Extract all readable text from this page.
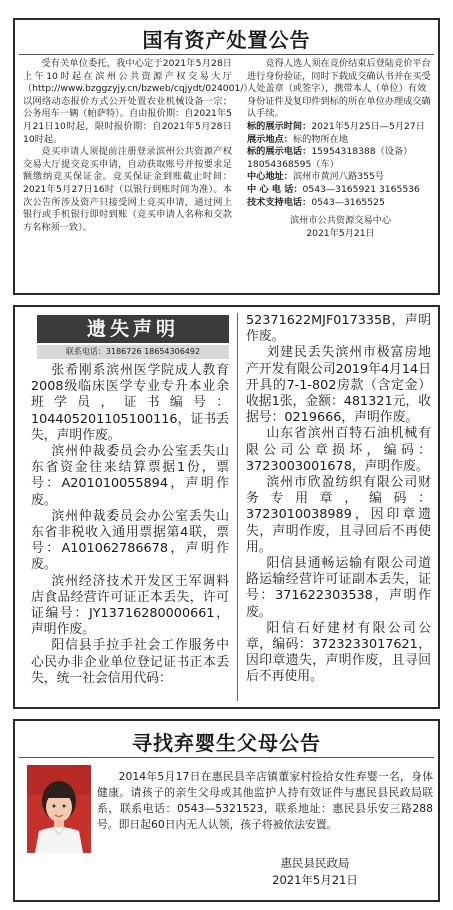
国有资产处置公告

受有关单位委托，我中心定于2021年5月28日上午10时起在滨州公共资源产权交易大厅（http://www.bzggzyjy.cn/bzweb/cqjydt/024001/）以网络动态报价方式公开处置农业机械设备一宗；公务用车一辆（帕萨特）。自由报价期：自2021年5月21日10时起，限时报价期：自2021年5月28日10时起。

竞买申请人须提前注册登录滨州公共资源产权交易大厅提交竞买申请，自动获取账号并按要求足额缴纳竞买保证金。竞买保证金到账截止时间：2021年5月27日16时（以银行到账时间为准）。本次公告所涉及资产只接受网上竞买申请，通过网上银行或手机银行即时到账（竞买申请人名称和交款方名称须一致）。

竞得人选人须在竞价结束后登陆竞价平台进行身份验证，同时下载成交确认书并在买受人处盖章（或签字），携带本人（单位）有效身份证件及复印件到标的所在单位办理成交确认手续。

标的展示时间：2021年5月25日—5月27日

展示地点：标的物所在地

标的展示电话：15954318388（设备）18054368595（车）

中心地址：滨州市黄河八路355号

中 心 电 话：0543—3165921 3165536

技术支持电话：0543—3165525

滨州市公共资源交易中心
2021年5月21日
遗失声明
联系电话：3186726 18654306492

张希刚系滨州医学院成人教育2008级临床医学专业专升本业余班学员，证书编号：104405201105100116，证书丢失，声明作废。

滨州仲裁委员会办公室丢失山东省资金往来结算票据1份，票号：A201010055894，声明作废。

滨州仲裁委员会办公室丢失山东省非税收入通用票据第4联，票号：A101062786678，声明作废。

滨州经济技术开发区王军调料店食品经营许可证正本丢失，许可证编号：JY13716280000661，声明作废。

阳信县手拉手社会工作服务中心民办非企业单位登记证书正本丢失，统一社会信用代码：

52371622MJF017335B，声明作废。

刘建民丢失滨州市极富房地产开发有限公司2019年4月14日开具的7-1-802房款（含定金）收据1张，金额：481321元，收据号：0219666，声明作废。

山东省滨州百特石油机械有限公司公章损坏，编码：3723003001678，声明作废。

滨州市欣盈纺织有限公司财务专用章，编码：3723010038989，因印章遗失，声明作废，且寻回后不再使用。

阳信县通畅运输有限公司道路运输经营许可证副本丢失，证号：371622303538，声明作废。

阳信石好建材有限公司公章，编码：3723233017621，因印章遗失，声明作废，且寻回后不再使用。

寻找弃婴生父母公告

2014年5月17日在惠民县辛店镇董家村捡拾女性弃婴一名，身体健康。请孩子的亲生父母或其他监护人持有效证件与惠民县民政局联系，联系电话：0543—5321523，联系地址：惠民县乐安三路288号。即日起60日内无人认领，孩子将被依法安置。

惠民县民政局
2021年5月21日
